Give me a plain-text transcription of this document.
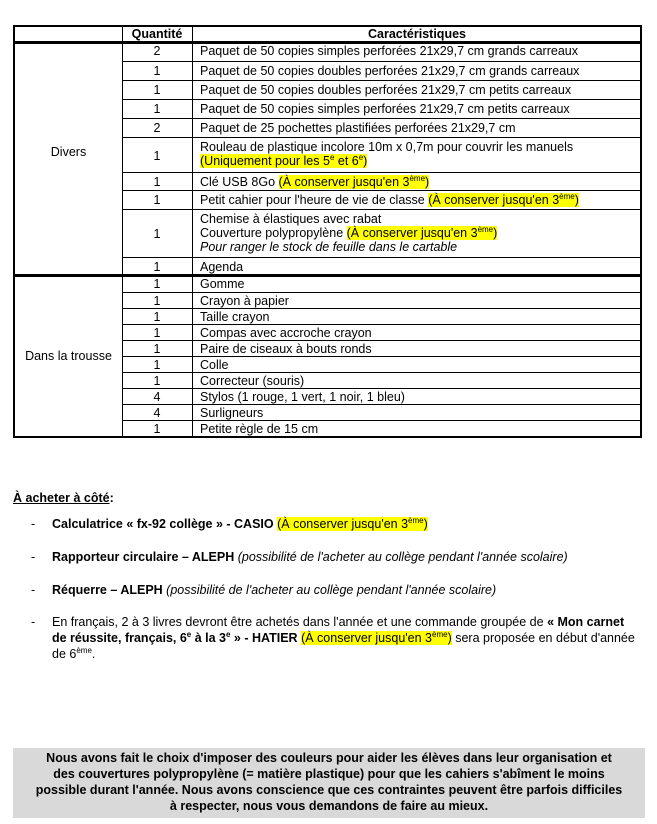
Quantité	Caractéristiques
Divers
Dans la trousse
2
1
1
1
2
1
1
1
1
1
Paquet de 50 copies simples perforées 21x29,7 cm grands carreaux
Paquet de 50 copies doubles perforées 21x29,7 cm grands carreaux
Paquet de 50 copies doubles perforées 21x29,7 cm petits carreaux
Paquet de 50 copies simples perforées 21x29,7 cm petits carreaux
Paquet de 25 pochettes plastifiées perforées 21x29,7 cm
Rouleau de plastique incolore 10m x 0,7m pour couvrir les manuels
(Uniquement pour les 5e et 6e)
Clé USB 8Go (À conserver jusqu'en 3ème)
Petit cahier pour l'heure de vie de classe (À conserver jusqu'en 3ème)
Chemise à élastiques avec rabat
Couverture polypropylène (À conserver jusqu'en 3ème)
Pour ranger le stock de feuille dans le cartable
Agenda
1
1
1
1
1
1
1
4
4
1
Gomme
Crayon à papier
Taille crayon
Compas avec accroche crayon
Paire de ciseaux à bouts ronds
Colle
Correcteur (souris)
Stylos (1 rouge, 1 vert, 1 noir, 1 bleu)
Surligneurs
Petite règle de 15 cm
À acheter à côté:
- Calculatrice « fx-92 collège » - CASIO (À conserver jusqu'en 3ème)
- Rapporteur circulaire – ALEPH (possibilité de l'acheter au collège pendant l'année scolaire)
- Réquerre – ALEPH (possibilité de l'acheter au collège pendant l'année scolaire)
- En français, 2 à 3 livres devront être achetés dans l'année et une commande groupée de « Mon carnet de réussite, français, 6e à la 3e » - HATIER (À conserver jusqu'en 3ème) sera proposée en début d'année de 6ème.
Nous avons fait le choix d'imposer des couleurs pour aider les élèves dans leur organisation et
des couvertures polypropylène (= matière plastique) pour que les cahiers s'abîment le moins
possible durant l'année. Nous avons conscience que ces contraintes peuvent être parfois difficiles
à respecter, nous vous demandons de faire au mieux.
